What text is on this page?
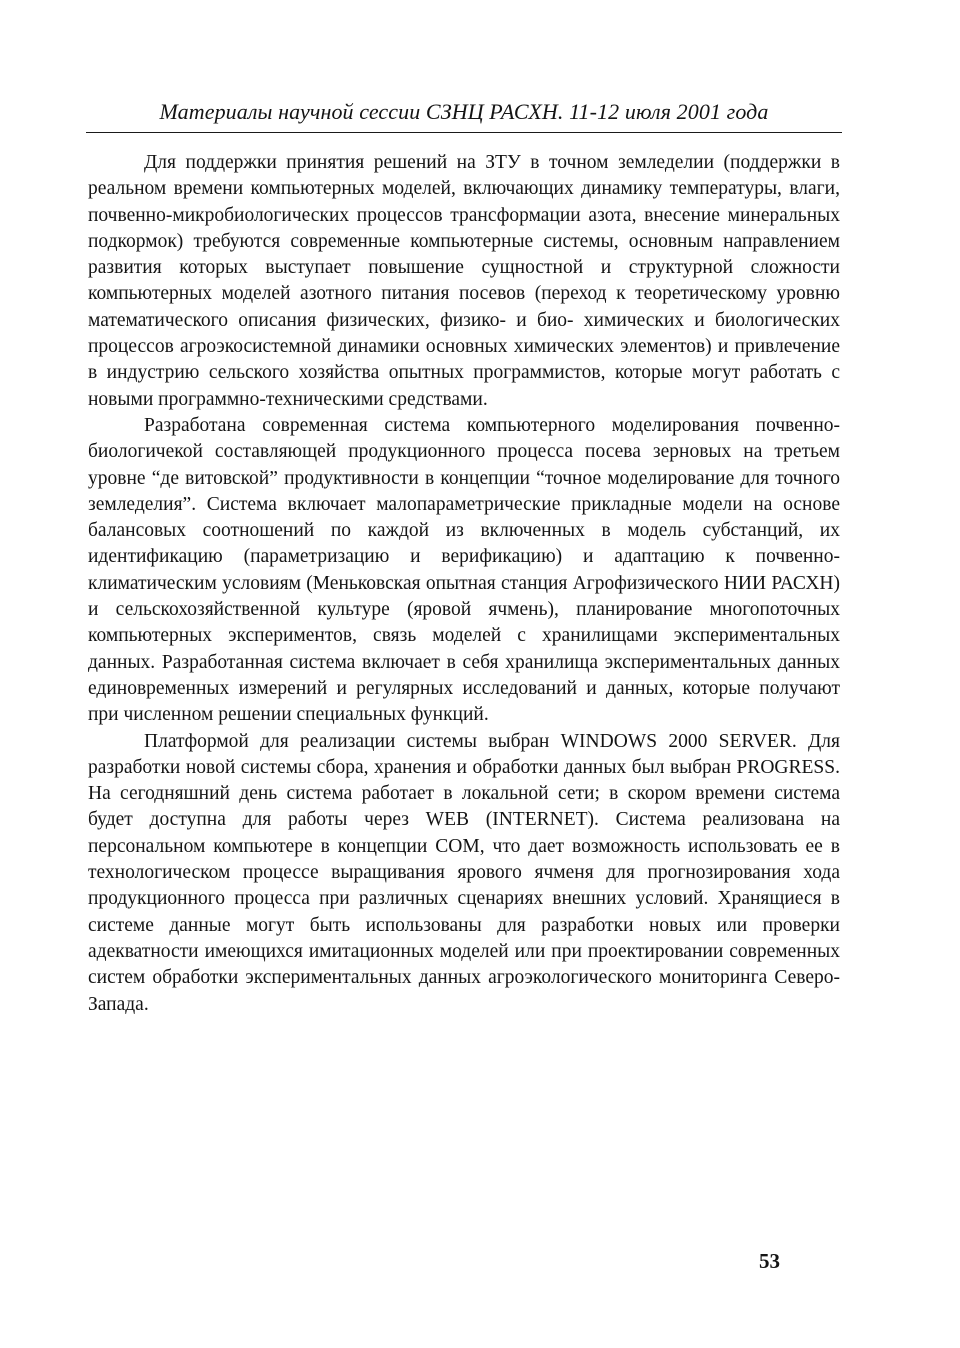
Материалы научной сессии СЗНЦ РАСХН. 11-12 июля 2001 года

Для поддержки принятия решений на ЗТУ в точном земледелии (поддержки в реальном времени компьютерных моделей, включающих динамику температуры, влаги, почвенно-микробиологических процессов трансформации азота, внесение минеральных подкормок) требуются современные компьютерные системы, основным направлением развития которых выступает повышение сущностной и структурной сложности компьютерных моделей азотного питания посевов (переход к теоретическому уровню математического описания физических, физико- и био- химических и биологических процессов агроэкосистемной динамики основных химических элементов) и привлечение в индустрию сельского хозяйства опытных программистов, которые могут работать с новыми программно-техническими средствами.

Разработана современная система компьютерного моделирования почвенно-биологичекой составляющей продукционного процесса посева зерновых на третьем уровне “де витовской” продуктивности в концепции “точное моделирование для точного земледелия”. Система включает малопараметрические прикладные модели на основе балансовых соотношений по каждой из включенных в модель субстанций, их идентификацию (параметризацию и верификацию) и адаптацию к почвенно-климатическим условиям (Меньковская опытная станция Агрофизического НИИ РАСХН) и сельскохозяйственной культуре (яровой ячмень), планирование многопоточных компьютерных экспериментов, связь моделей с хранилищами экспериментальных данных. Разработанная система включает в себя хранилища экспериментальных данных единовременных измерений и регулярных исследований и данных, которые получают при численном решении специальных функций.

Платформой для реализации системы выбран WINDOWS 2000 SERVER. Для разработки новой системы сбора, хранения и обработки данных был выбран PROGRESS. На сегодняшний день система работает в локальной сети; в скором времени система будет доступна для работы через WEB (INTERNET). Система реализована на персональном компьютере в концепции COM, что дает возможность использовать ее в технологическом процессе выращивания ярового ячменя для прогнозирования хода продукционного процесса при различных сценариях внешних условий. Хранящиеся в системе данные могут быть использованы для разработки новых или проверки адекватности имеющихся имитационных моделей или при проектировании современных систем обработки экспериментальных данных агроэкологического мониторинга Северо-Запада.

53
